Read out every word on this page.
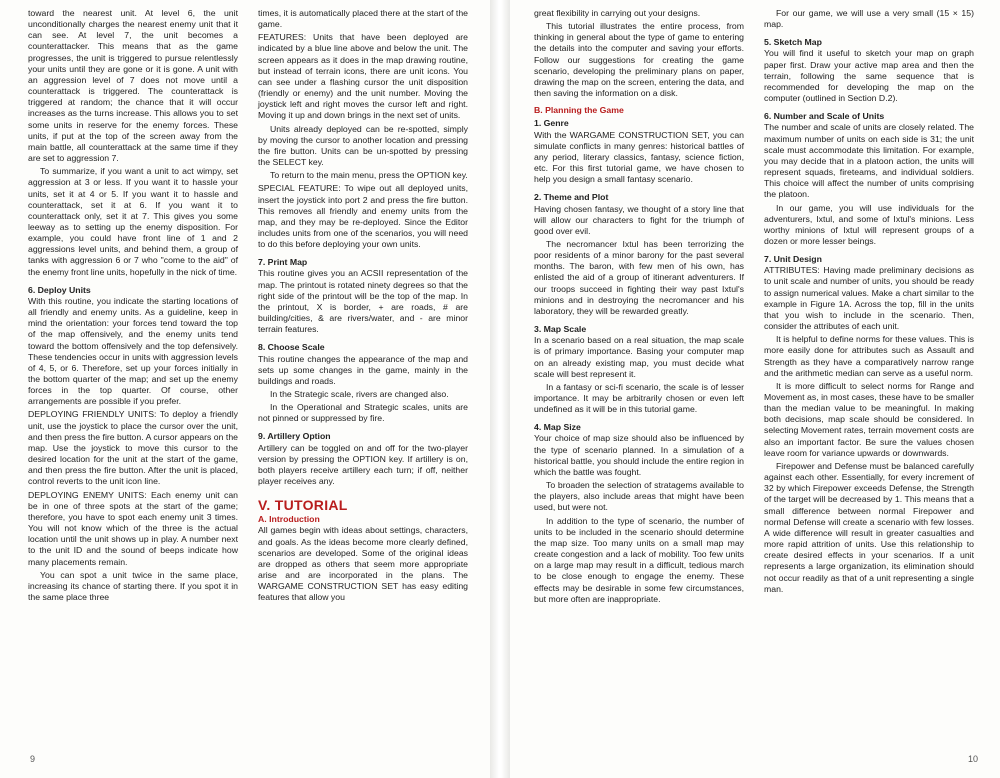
toward the nearest unit. At level 6, the unit unconditionally charges the nearest enemy unit that it can see. At level 7, the unit becomes a counterattacker. This means that as the game progresses, the unit is triggered to pursue relentlessly your units until they are gone or it is gone. A unit with an aggression level of 7 does not move until a counterattack is triggered. The counterattack is triggered at random; the chance that it will occur increases as the turns increase. This allows you to set some units in reserve for the enemy forces. These units, if put at the top of the screen away from the main battle, all counterattack at the same time if they are set to aggression 7.

To summarize, if you want a unit to act wimpy, set aggression at 3 or less. If you want it to hassle your units, set it at 4 or 5. If you want it to hassle and counterattack, set it at 6. If you want it to counterattack only, set it at 7. This gives you some leeway as to setting up the enemy disposition. For example, you could have front line of 1 and 2 aggressions level units, and behind them, a group of tanks with aggression 6 or 7 who "come to the aid" of the enemy front line units, hopefully in the nick of time.

6. Deploy Units

With this routine, you indicate the starting locations of all friendly and enemy units. As a guideline, keep in mind the orientation: your forces tend toward the top of the map offensively, and the enemy units tend toward the bottom offensively and the top defensively. These tendencies occur in units with aggression levels of 4, 5, or 6. Therefore, set up your forces initially in the bottom quarter of the map; and set up the enemy forces in the top quarter. Of course, other arrangements are possible if you prefer.

DEPLOYING FRIENDLY UNITS: To deploy a friendly unit, use the joystick to place the cursor over the unit, and then press the fire button. A cursor appears on the map. Use the joystick to move this cursor to the desired location for the unit at the start of the game, and then press the fire button. After the unit is placed, control reverts to the unit icon line.

DEPLOYING ENEMY UNITS: Each enemy unit can be in one of three spots at the start of the game; therefore, you have to spot each enemy unit 3 times. You will not know which of the three is the actual location until the unit shows up in play. A number next to the unit ID and the sound of beeps indicate how many placements remain.

You can spot a unit twice in the same place, increasing its chance of starting there. If you spot it in the same place three

times, it is automatically placed there at the start of the game.

FEATURES: Units that have been deployed are indicated by a blue line above and below the unit. The screen appears as it does in the map drawing routine, but instead of terrain icons, there are unit icons. You can see under a flashing cursor the unit disposition (friendly or enemy) and the unit number. Moving the joystick left and right moves the cursor left and right. Moving it up and down brings in the next set of units.

Units already deployed can be re-spotted, simply by moving the cursor to another location and pressing the fire button. Units can be un-spotted by pressing the SELECT key.

To return to the main menu, press the OPTION key.

SPECIAL FEATURE: To wipe out all deployed units, insert the joystick into port 2 and press the fire button. This removes all friendly and enemy units from the map, and they may be re-deployed. Since the Editor includes units from one of the scenarios, you will need to do this before deploying your own units.

7. Print Map

This routine gives you an ACSII representation of the map. The printout is rotated ninety degrees so that the right side of the printout will be the top of the map. In the printout, X is border, + are roads, # are building/cities, & are rivers/water, and - are minor terrain features.

8. Choose Scale

This routine changes the appearance of the map and sets up some changes in the game, mainly in the buildings and roads.

In the Strategic scale, rivers are changed also.

In the Operational and Strategic scales, units are not pinned or suppressed by fire.

9. Artillery Option

Artillery can be toggled on and off for the two-player version by pressing the OPTION key. If artillery is on, both players receive artillery each turn; if off, neither player receives any.

V. TUTORIAL
A. Introduction

All games begin with ideas about settings, characters, and goals. As the ideas become more clearly defined, scenarios are developed. Some of the original ideas are dropped as others that seem more appropriate arise and are incorporated in the plans. The WARGAME CONSTRUCTION SET has easy editing features that allow you

9

great flexibility in carrying out your designs.

This tutorial illustrates the entire process, from thinking in general about the type of game to entering the details into the computer and saving your efforts. Follow our suggestions for creating the game scenario, developing the preliminary plans on paper, drawing the map on the screen, entering the data, and then saving the information on a disk.

B. Planning the Game
1. Genre

With the WARGAME CONSTRUCTION SET, you can simulate conflicts in many genres: historical battles of any period, literary classics, fantasy, science fiction, etc. For this first tutorial game, we have chosen to help you design a small fantasy scenario.

2. Theme and Plot

Having chosen fantasy, we thought of a story line that will allow our characters to fight for the triumph of good over evil.

The necromancer Ixtul has been terrorizing the poor residents of a minor barony for the past several months. The baron, with few men of his own, has enlisted the aid of a group of itinerant adventurers. If our troops succeed in fighting their way past Ixtul's minions and in destroying the necromancer and his laboratory, they will be rewarded greatly.

3. Map Scale

In a scenario based on a real situation, the map scale is of primary importance. Basing your computer map on an already existing map, you must decide what scale will best represent it.

In a fantasy or sci-fi scenario, the scale is of lesser importance. It may be arbitrarily chosen or even left undefined as it will be in this tutorial game.

4. Map Size

Your choice of map size should also be influenced by the type of scenario planned. In a simulation of a historical battle, you should include the entire region in which the battle was fought.

To broaden the selection of stratagems available to the players, also include areas that might have been used, but were not.

In addition to the type of scenario, the number of units to be included in the scenario should determine the map size. Too many units on a small map may create congestion and a lack of mobility. Too few units on a large map may result in a difficult, tedious march to be close enough to engage the enemy. These effects may be desirable in some few circumstances, but more often are inappropriate.

For our game, we will use a very small (15 × 15) map.

5. Sketch Map

You will find it useful to sketch your map on graph paper first. Draw your active map area and then the terrain, following the same sequence that is recommended for developing the map on the computer (outlined in Section D.2).

6. Number and Scale of Units

The number and scale of units are closely related. The maximum number of units on each side is 31; the unit scale must accommodate this limitation. For example, you may decide that in a platoon action, the units will represent squads, fireteams, and individual soldiers. This choice will affect the number of units comprising the platoon.

In our game, you will use individuals for the adventurers, Ixtul, and some of Ixtul's minions. Less worthy minions of Ixtul will represent groups of a dozen or more lesser beings.

7. Unit Design

ATTRIBUTES: Having made preliminary decisions as to unit scale and number of units, you should be ready to assign numerical values. Make a chart similar to the example in Figure 1A. Across the top, fill in the units that you wish to include in the scenario. Then, consider the attributes of each unit.

It is helpful to define norms for these values. This is more easily done for attributes such as Assault and Strength as they have a comparatively narrow range and the arithmetic median can serve as a useful norm.

It is more difficult to select norms for Range and Movement as, in most cases, these have to be smaller than the median value to be meaningful. In making both decisions, map scale should be considered. In selecting Movement rates, terrain movement costs are also an important factor. Be sure the values chosen leave room for variance upwards or downwards.

Firepower and Defense must be balanced carefully against each other. Essentially, for every increment of 32 by which Firepower exceeds Defense, the Strength of the target will be decreased by 1. This means that a small difference between normal Firepower and normal Defense will create a scenario with few losses. A wide difference will result in greater casualties and more rapid attrition of units. Use this relationship to create desired effects in your scenarios. If a unit represents a large organization, its elimination should not occur readily as that of a unit representing a single man.

10
